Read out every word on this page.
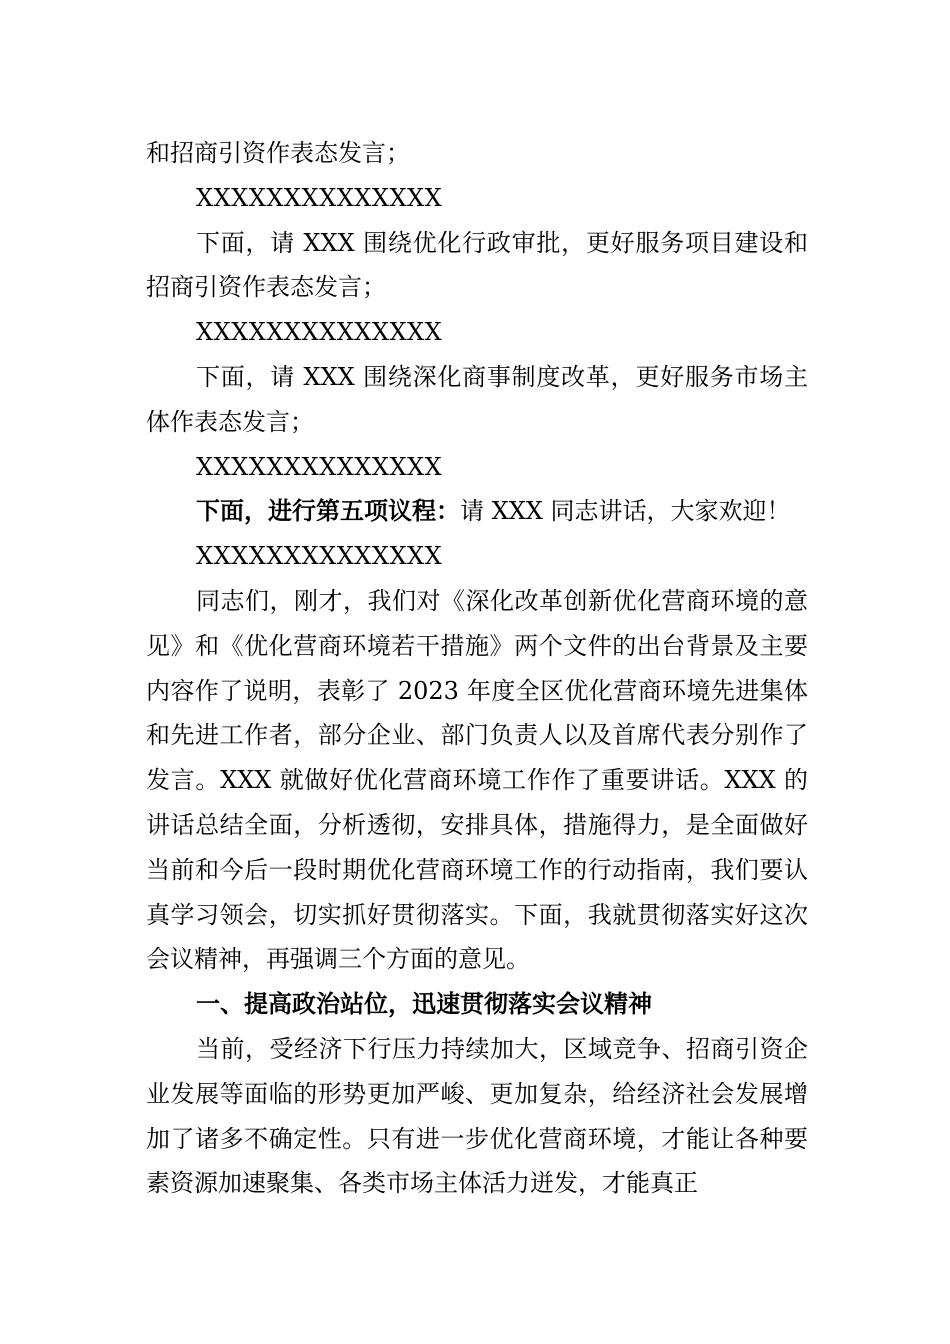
和招商引资作表态发言；

XXXXXXXXXXXXXX

下面，请 XXX 围绕优化行政审批，更好服务项目建设和招商引资作表态发言；

XXXXXXXXXXXXXX

下面，请 XXX 围绕深化商事制度改革，更好服务市场主体作表态发言；

XXXXXXXXXXXXXX

下面，进行第五项议程：请 XXX 同志讲话，大家欢迎！

XXXXXXXXXXXXXX

同志们，刚才，我们对《深化改革创新优化营商环境的意见》和《优化营商环境若干措施》两个文件的出台背景及主要内容作了说明，表彰了 2023 年度全区优化营商环境先进集体和先进工作者，部分企业、部门负责人以及首席代表分别作了发言。XXX 就做好优化营商环境工作作了重要讲话。XXX 的讲话总结全面，分析透彻，安排具体，措施得力，是全面做好当前和今后一段时期优化营商环境工作的行动指南，我们要认真学习领会，切实抓好贯彻落实。下面，我就贯彻落实好这次会议精神，再强调三个方面的意见。

一、提高政治站位，迅速贯彻落实会议精神

当前，受经济下行压力持续加大，区域竞争、招商引资企业发展等面临的形势更加严峻、更加复杂，给经济社会发展增加了诸多不确定性。只有进一步优化营商环境，才能让各种要素资源加速聚集、各类市场主体活力迸发，才能真正
